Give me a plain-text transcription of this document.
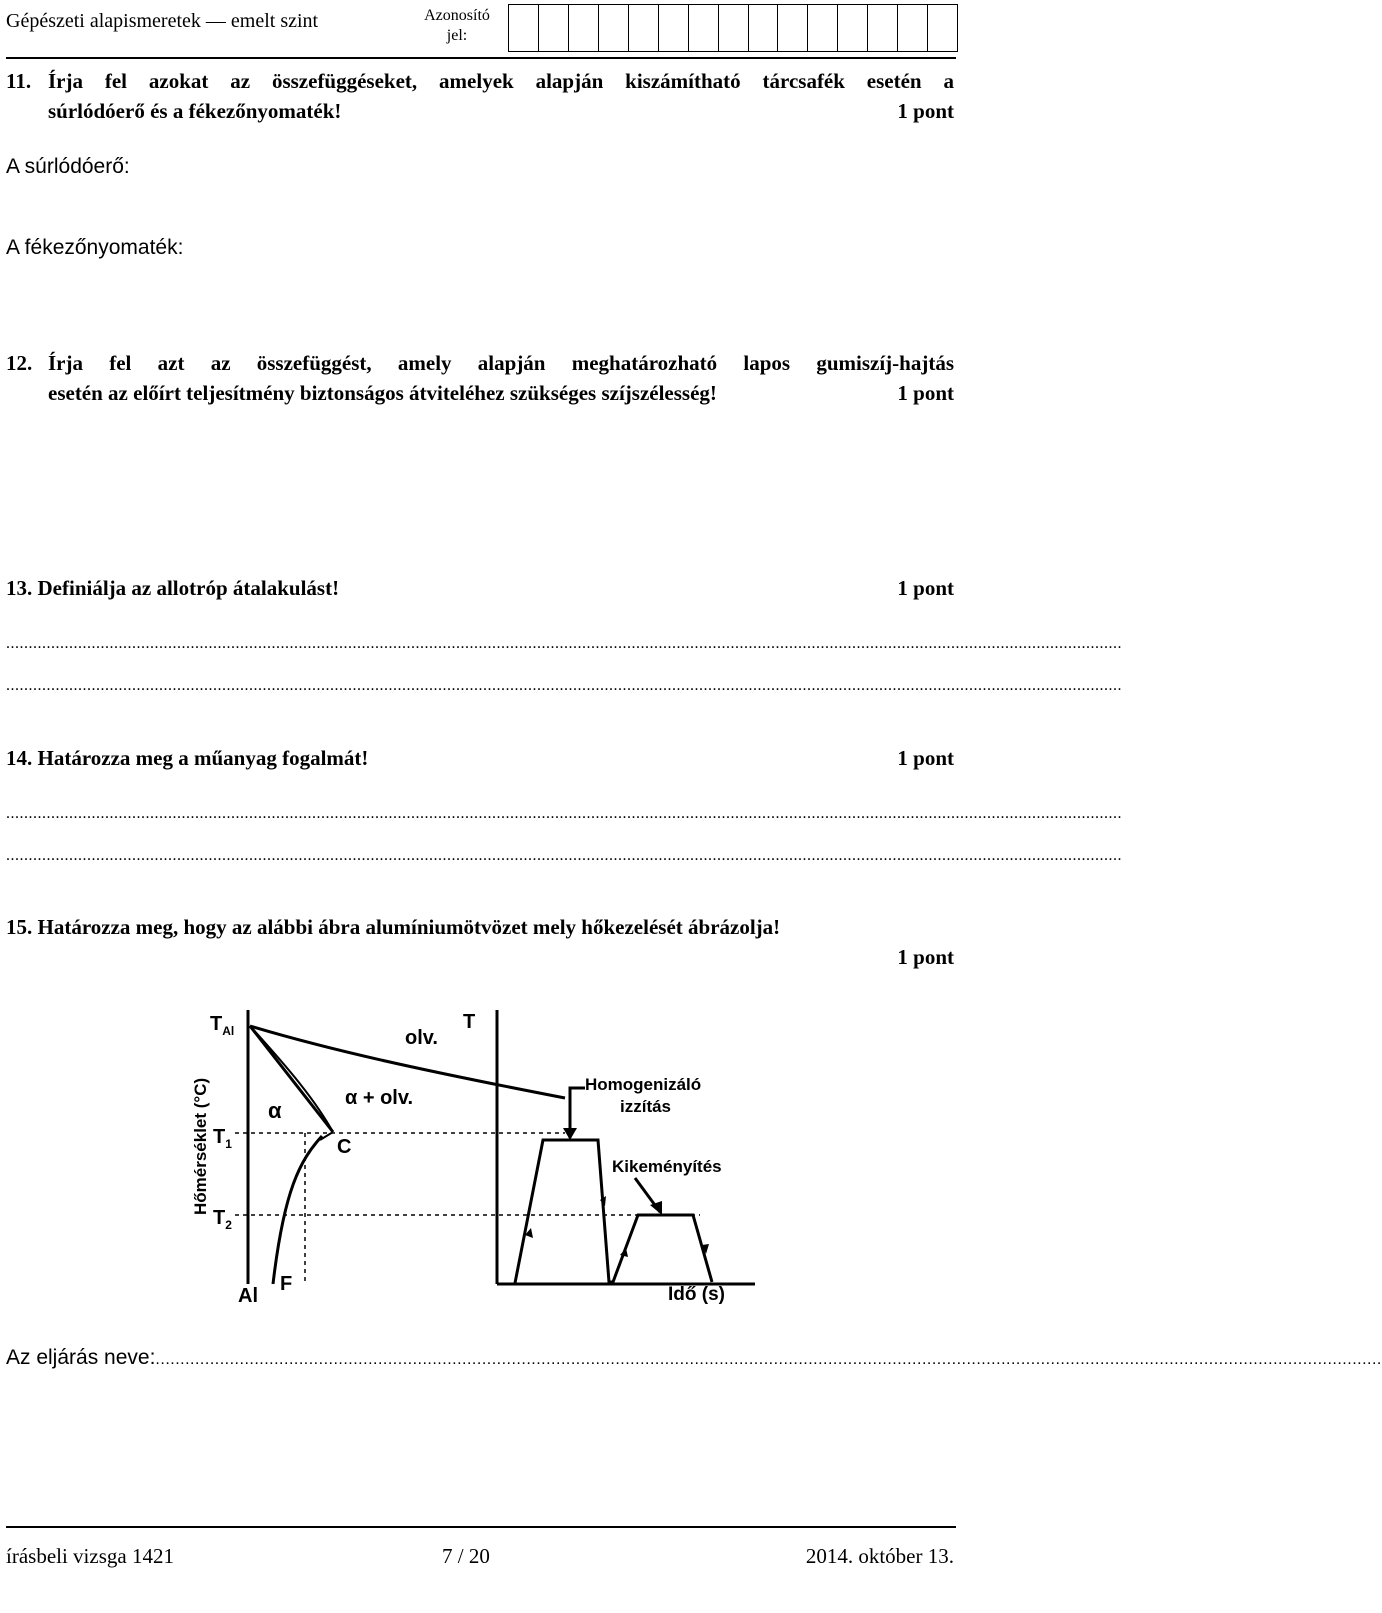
Gépészeti alapismeretek — emelt szint	Azonosító
jel:
11. Írja fel azokat az összefüggéseket, amelyek alapján kiszámítható tárcsafék esetén a
súrlódóerő és a fékezőnyomaték!	1 pont
A súrlódóerő:
A fékezőnyomaték:
12. Írja fel azt az összefüggést, amely alapján meghatározható lapos gumiszíj-hajtás
esetén az előírt teljesítmény biztonságos átviteléhez szükséges szíjszélesség!	1 pont
13. Definiálja az allotróp átalakulást!	1 pont
........................................................................................................................................................................................................................................................
........................................................................................................................................................................................................................................................
14. Határozza meg a műanyag fogalmát!	1 pont
........................................................................................................................................................................................................................................................
........................................................................................................................................................................................................................................................
15. Határozza meg, hogy az alábbi ábra alumíniumötvözet mely hőkezelését ábrázolja!
1 pont
$T_{Al}$	olv.
α	α + olv.
$T_1$	C
$T_2$
Al
F
Hőmérséklet (°C)
T
Homogenizáló
izzítás
Kikeményítés
Idő (s)
Az eljárás neve:........................................................................................................................................................................................................................................................
írásbeli vizsga 1421	7 / 20	2014. október 13.
